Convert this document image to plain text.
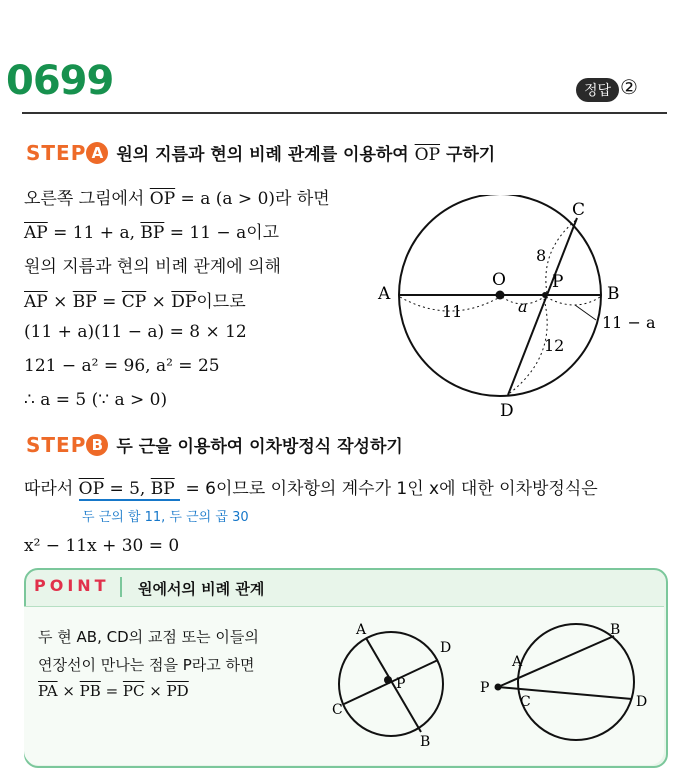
0699	정답 ②
STEP A 원의 지름과 현의 비례 관계를 이용하여 $\overline{OP}$ 구하기
오른쪽 그림에서 $\overline{OP} = a$ (a > 0)라 하면
$\overline{AP} = 11 + a$, $\overline{BP} = 11 - a$이고
원의 지름과 현의 비례 관계에 의해
$\overline{AP} \times \overline{BP} = \overline{CP} \times \overline{DP}$이므로
(11 + a)(11 − a) = 8 × 12
121 − a² = 96, a² = 25
∴ a = 5 (∵ a > 0)
A	B
C
D
O	P
11	a
8
12
11 − a
STEP B 두 근을 이용하여 이차방정식 작성하기
따라서 $\overline{OP} = 5$, $\overline{BP} = 6$이므로 이차항의 계수가 1인 x에 대한 이차방정식은
두 근의 합 11, 두 근의 곱 30
x² − 11x + 30 = 0
POINT 원에서의 비례 관계
두 현 AB, CD의 교점 또는 이들의
연장선이 만나는 점을 P라고 하면
$\overline{PA} \times \overline{PB} = \overline{PC} \times \overline{PD}$
A
D
C
B
P	P
A
B
C	D
